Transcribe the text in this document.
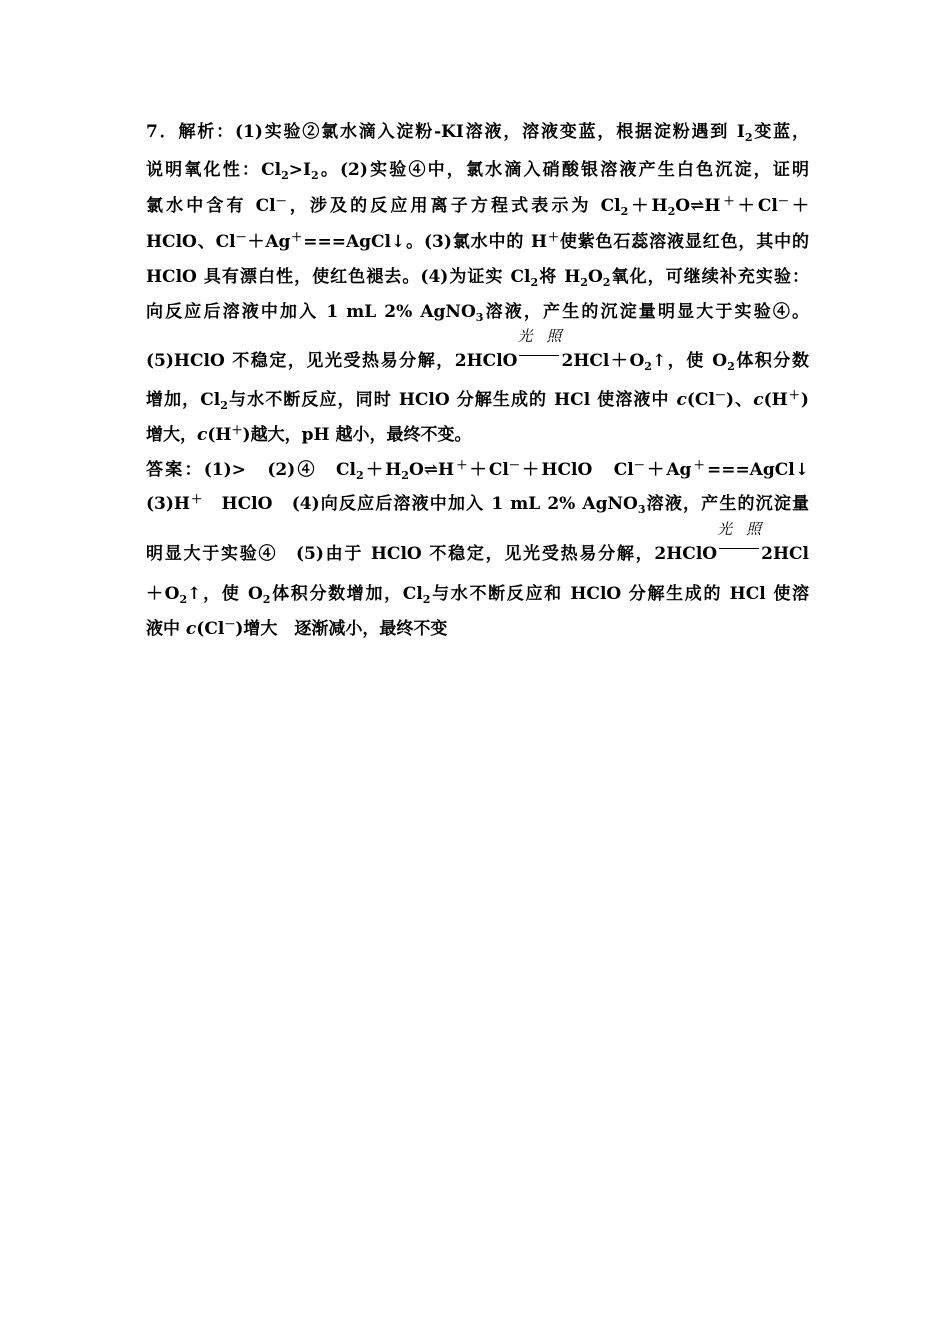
7．解析：(1)实验②氯水滴入淀粉-KI溶液，溶液变蓝，根据淀粉遇到 $I_2$变蓝，
说明氧化性：$Cl_2>I_2$。(2)实验④中，氯水滴入硝酸银溶液产生白色沉淀，证明
氯水中含有 Cl－，涉及的反应用离子方程式表示为 $Cl_2+H_2O\rightleftharpoons H^++Cl^-+$
HClO、Cl－＋Ag＋===AgCl↓。(3)氯水中的 H＋使紫色石蕊溶液显红色，其中的
HClO 具有漂白性，使红色褪去。(4)为证实 $Cl_2$将 $H_2O_2$氧化，可继续补充实验：
向反应后溶液中加入 1 mL 2% AgNO$_3$溶液，产生的沉淀量明显大于实验④。
(5)HClO 不稳定，见光受热易分解，2HClO
光照
$2HCl+O_2↑$，使 $O_2$体积分数
增加，$Cl_2$与水不断反应，同时 HClO 分解生成的 HCl 使溶液中 c(Cl－)、c(H＋)
增大，c(H＋)越大，pH 越小，最终不变。
答案：(1)>　(2)④　$Cl_2+H_2O\rightleftharpoons H^++Cl^-+HClO$　Cl－＋Ag＋===AgCl↓
(3)H＋　HClO　(4)向反应后溶液中加入 1 mL 2% AgNO$_3$溶液，产生的沉淀量
明显大于实验④　(5)由于 HClO 不稳定，见光受热易分解，2HClO
光照
2HCl
$+O_2↑$，使 $O_2$体积分数增加，$Cl_2$与水不断反应和 HClO 分解生成的 HCl 使溶
液中 c(Cl－)增大　逐渐减小，最终不变
